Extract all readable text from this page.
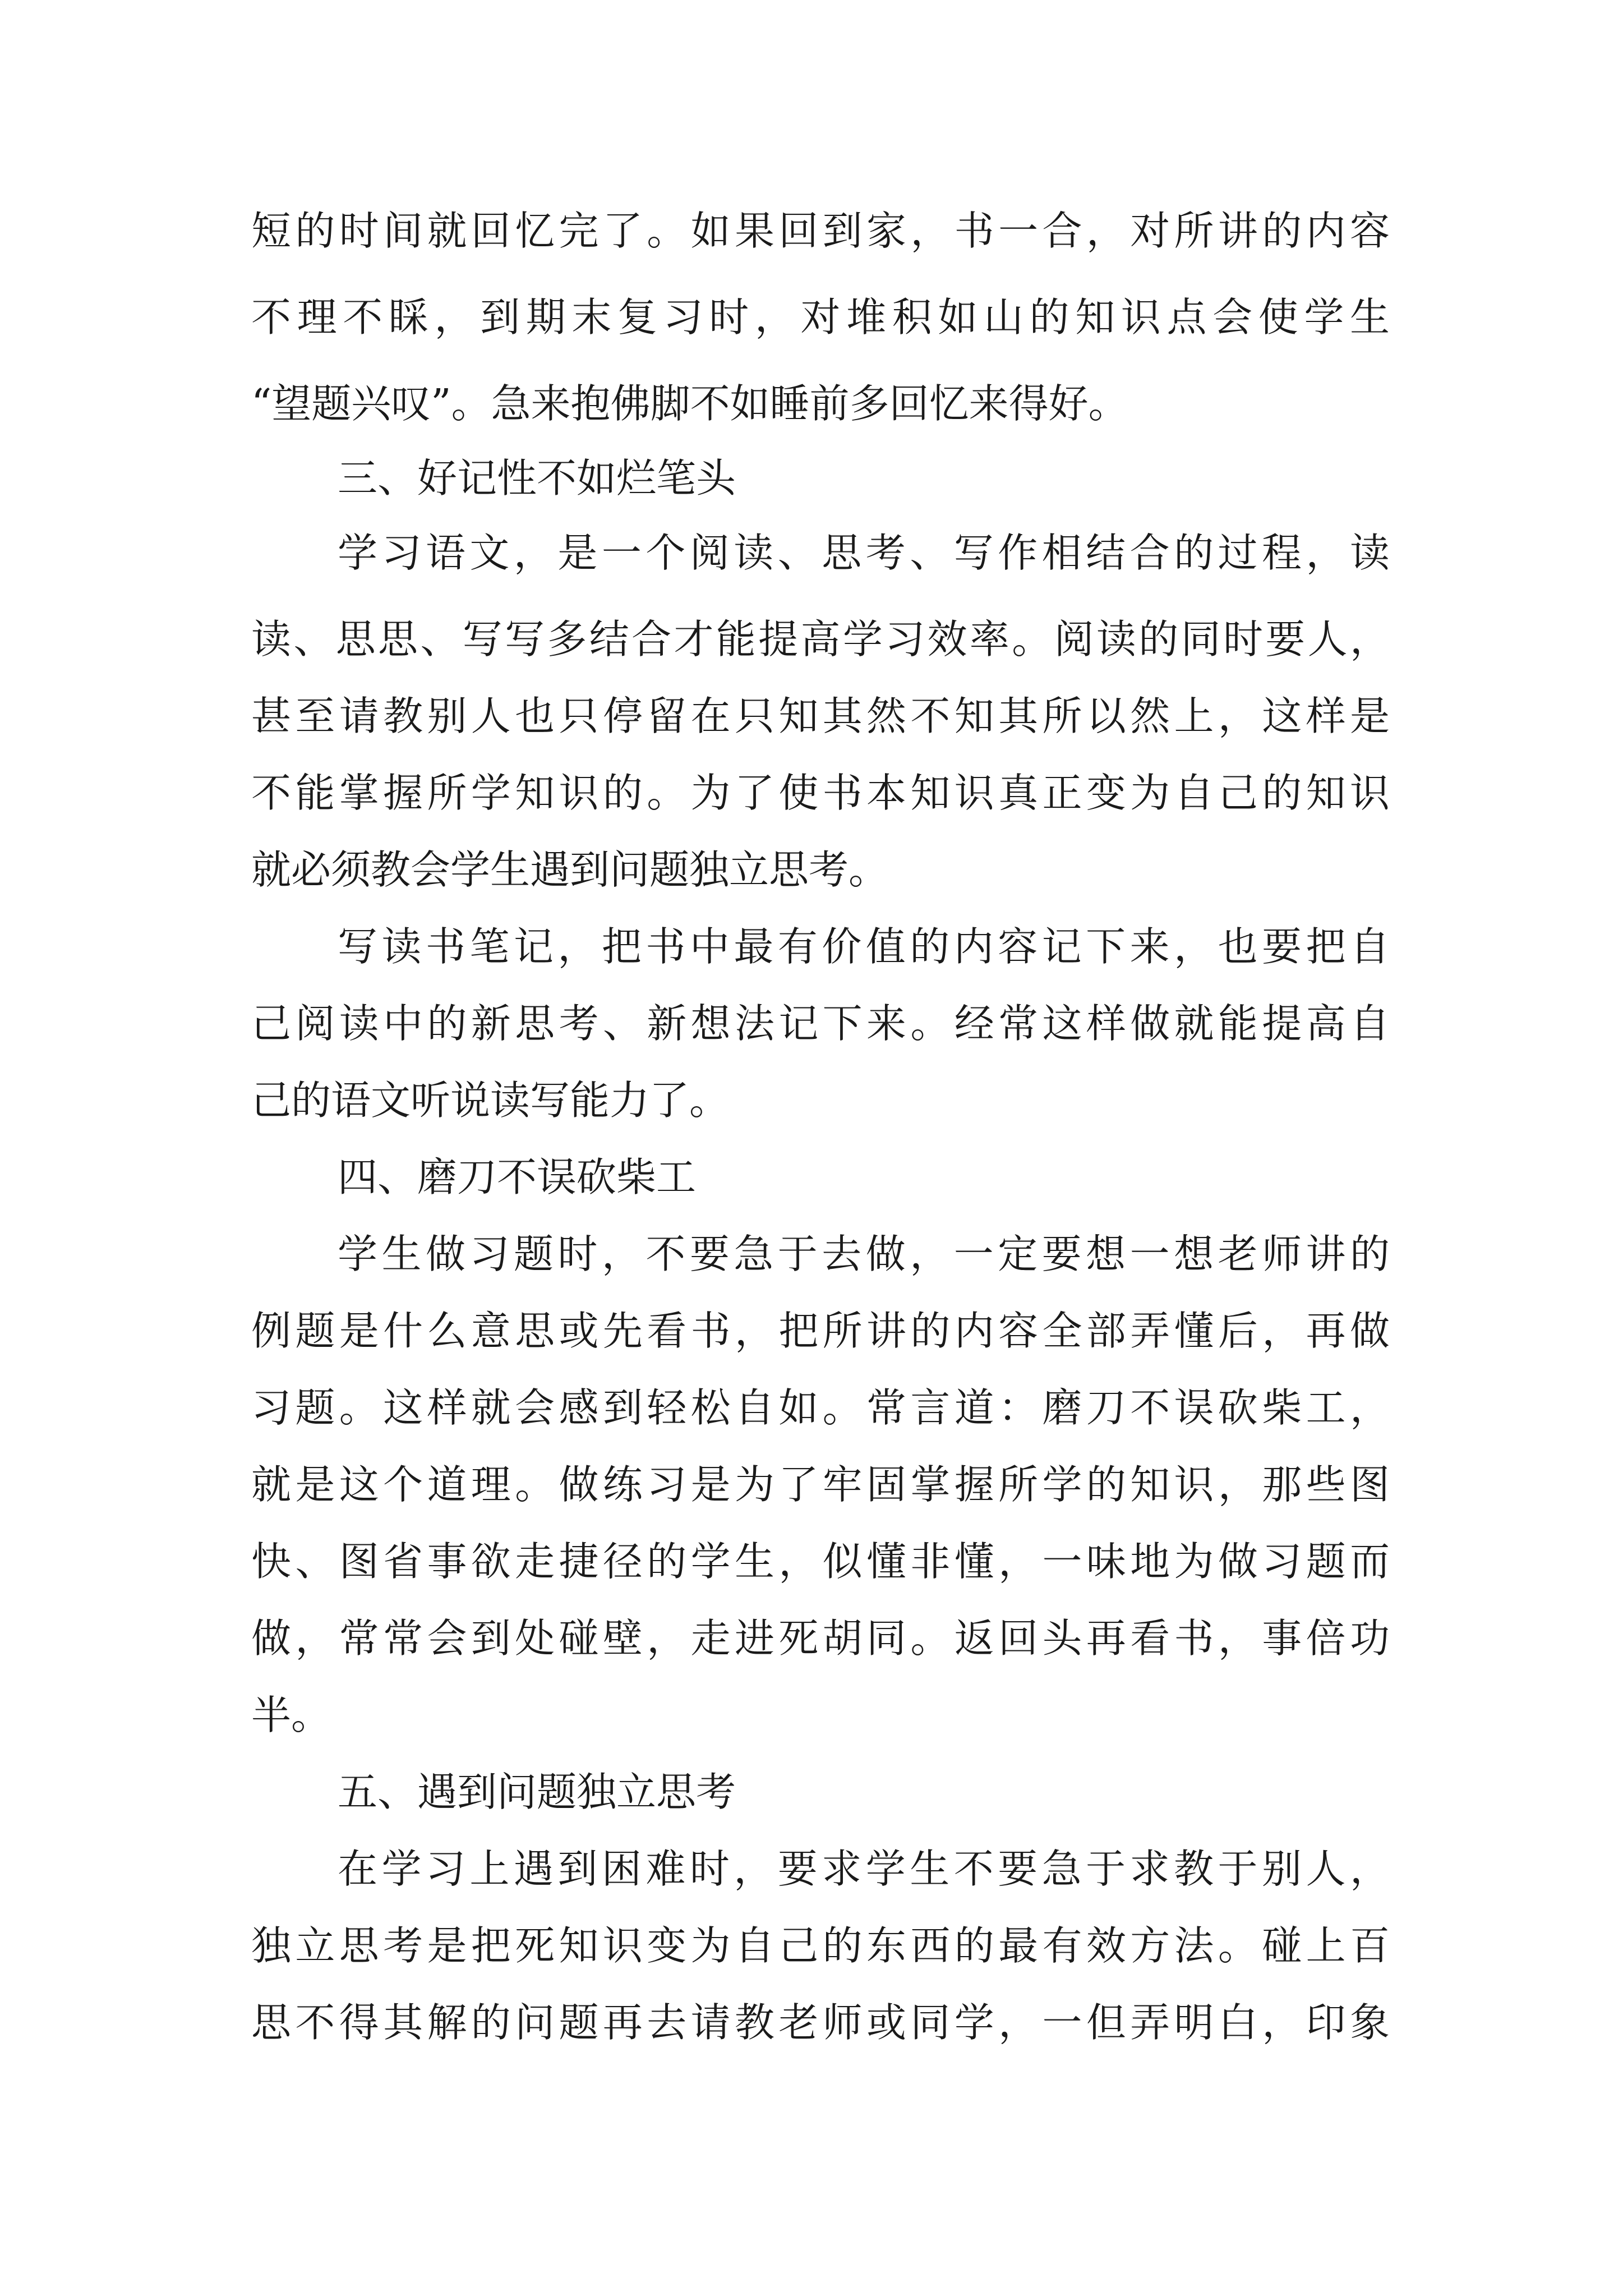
短的时间就回忆完了。如果回到家，书一合，对所讲的内容
不理不睬，到期末复习时，对堆积如山的知识点会使学生
“望题兴叹”。急来抱佛脚不如睡前多回忆来得好。
三、好记性不如烂笔头
学习语文，是一个阅读、思考、写作相结合的过程，读
读、思思、写写多结合才能提高学习效率。阅读的同时要人，
甚至请教别人也只停留在只知其然不知其所以然上，这样是
不能掌握所学知识的。为了使书本知识真正变为自己的知识
就必须教会学生遇到问题独立思考。
写读书笔记，把书中最有价值的内容记下来，也要把自
己阅读中的新思考、新想法记下来。经常这样做就能提高自
己的语文听说读写能力了。
四、磨刀不误砍柴工
学生做习题时，不要急于去做，一定要想一想老师讲的
例题是什么意思或先看书，把所讲的内容全部弄懂后，再做
习题。这样就会感到轻松自如。常言道：磨刀不误砍柴工，
就是这个道理。做练习是为了牢固掌握所学的知识，那些图
快、图省事欲走捷径的学生，似懂非懂，一味地为做习题而
做，常常会到处碰壁，走进死胡同。返回头再看书，事倍功
半。
五、遇到问题独立思考
在学习上遇到困难时，要求学生不要急于求教于别人，
独立思考是把死知识变为自己的东西的最有效方法。碰上百
思不得其解的问题再去请教老师或同学，一但弄明白，印象
